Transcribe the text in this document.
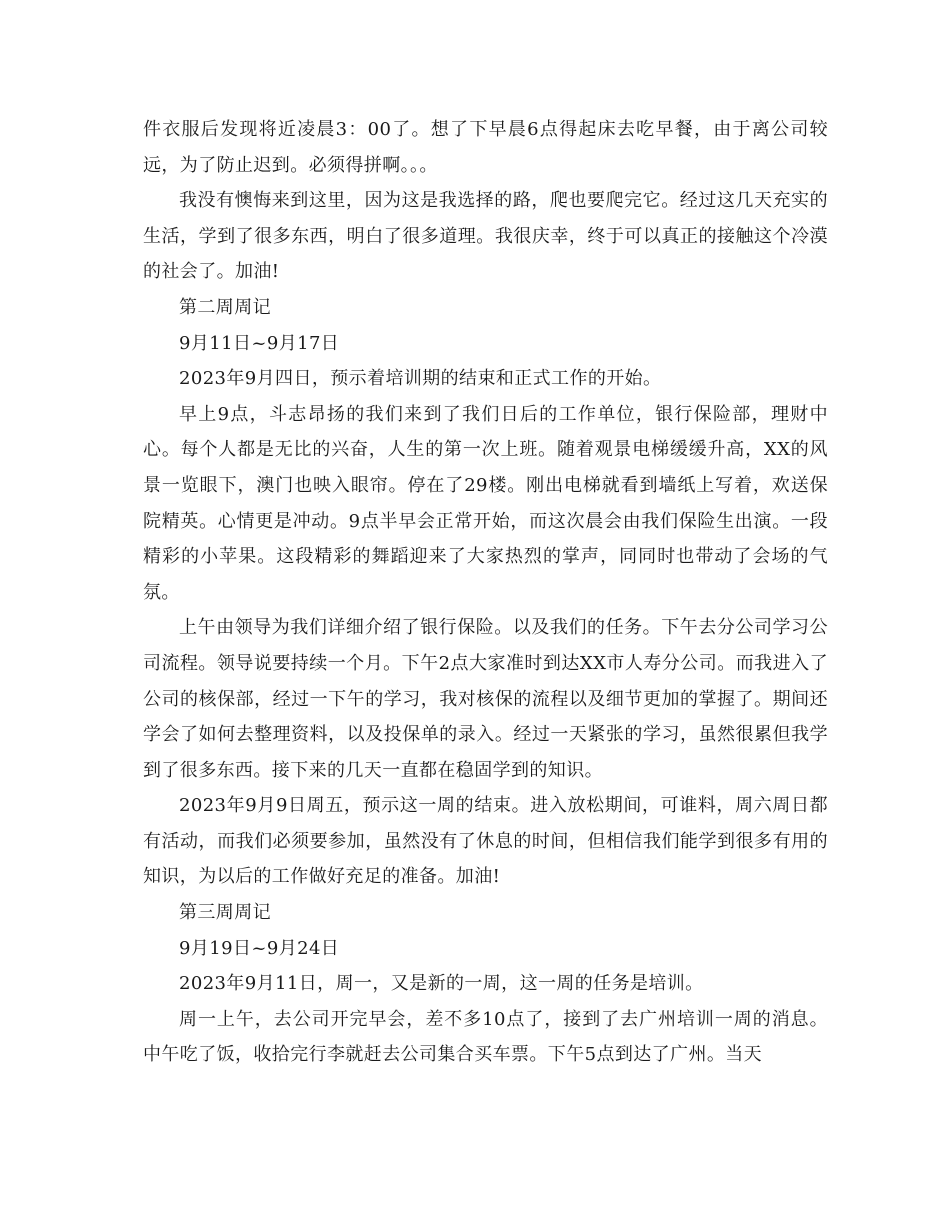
件衣服后发现将近凌晨3：00了。想了下早晨6点得起床去吃早餐，由于离公司较远，为了防止迟到。必须得拼啊。。。

我没有懊悔来到这里，因为这是我选择的路，爬也要爬完它。经过这几天充实的生活，学到了很多东西，明白了很多道理。我很庆幸，终于可以真正的接触这个冷漠的社会了。加油!

第二周周记

9月11日~9月17日

2023年9月四日，预示着培训期的结束和正式工作的开始。

早上9点，斗志昂扬的我们来到了我们日后的工作单位，银行保险部，理财中心。每个人都是无比的兴奋，人生的第一次上班。随着观景电梯缓缓升高，XX的风景一览眼下，澳门也映入眼帘。停在了29楼。刚出电梯就看到墙纸上写着，欢送保院精英。心情更是冲动。9点半早会正常开始，而这次晨会由我们保险生出演。一段精彩的小苹果。这段精彩的舞蹈迎来了大家热烈的掌声，同同时也带动了会场的气氛。

上午由领导为我们详细介绍了银行保险。以及我们的任务。下午去分公司学习公司流程。领导说要持续一个月。下午2点大家准时到达XX市人寿分公司。而我进入了公司的核保部，经过一下午的学习，我对核保的流程以及细节更加的掌握了。期间还学会了如何去整理资料，以及投保单的录入。经过一天紧张的学习，虽然很累但我学到了很多东西。接下来的几天一直都在稳固学到的知识。

2023年9月9日周五，预示这一周的结束。进入放松期间，可谁料，周六周日都有活动，而我们必须要参加，虽然没有了休息的时间，但相信我们能学到很多有用的知识，为以后的工作做好充足的准备。加油!

第三周周记

9月19日~9月24日

2023年9月11日，周一，又是新的一周，这一周的任务是培训。

周一上午，去公司开完早会，差不多10点了，接到了去广州培训一周的消息。中午吃了饭，收拾完行李就赶去公司集合买车票。下午5点到达了广州。当天
